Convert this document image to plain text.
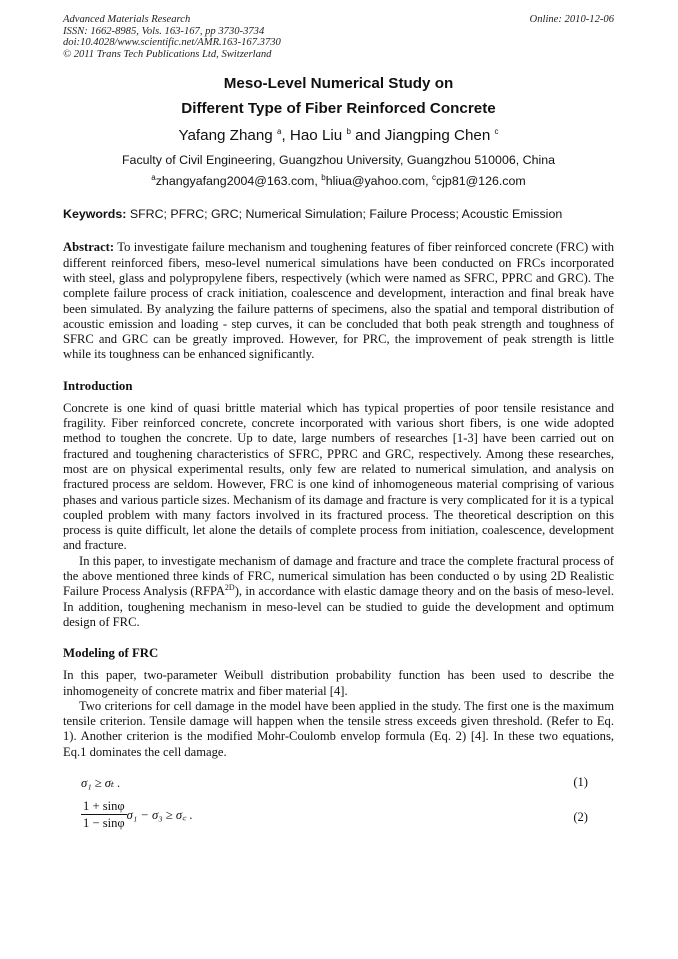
Advanced Materials Research
ISSN: 1662-8985, Vols. 163-167, pp 3730-3734
doi:10.4028/www.scientific.net/AMR.163-167.3730
© 2011 Trans Tech Publications Ltd, Switzerland
Online: 2010-12-06
Meso-Level Numerical Study on
Different Type of Fiber Reinforced Concrete
Yafang Zhang $^a$, Hao Liu $^b$ and Jiangping Chen $^c$
Faculty of Civil Engineering, Guangzhou University, Guangzhou 510006, China
$^a$zhangyafang2004@163.com, $^b$hliua@yahoo.com, $^c$cjp81@126.com
Keywords: SFRC; PFRC; GRC; Numerical Simulation; Failure Process; Acoustic Emission

Abstract: To investigate failure mechanism and toughening features of fiber reinforced concrete (FRC) with different reinforced fibers, meso-level numerical simulations have been conducted on FRCs incorporated with steel, glass and polypropylene fibers, respectively (which were named as SFRC, PPRC and GRC). The complete failure process of crack initiation, coalescence and development, interaction and final break have been simulated. By analyzing the failure patterns of specimens, also the spatial and temporal distribution of acoustic emission and loading - step curves, it can be concluded that both peak strength and toughness of SFRC and GRC can be greatly improved. However, for PRC, the improvement of peak strength is little while its toughness can be enhanced significantly.

Introduction

Concrete is one kind of quasi brittle material which has typical properties of poor tensile resistance and fragility. Fiber reinforced concrete, concrete incorporated with various short fibers, is one wide adopted method to toughen the concrete. Up to date, large numbers of researches [1-3] have been carried out on fractured and toughening characteristics of SFRC, PPRC and GRC, respectively. Among these researches, most are on physical experimental results, only few are related to numerical simulation, and analysis on fractured process are seldom. However, FRC is one kind of inhomogeneous material comprising of various phases and various particle sizes. Mechanism of its damage and fracture is very complicated for it is a typical coupled problem with many factors involved in its fractured process. The theoretical description on this process is quite difficult, let alone the details of complete process from initiation, coalescence, development and fracture.

In this paper, to investigate mechanism of damage and fracture and trace the complete fractural process of the above mentioned three kinds of FRC, numerical simulation has been conducted o by using 2D Realistic Failure Process Analysis $(RFPA^{2D})$, in accordance with elastic damage theory and on the basis of meso-level. In addition, toughening mechanism in meso-level can be studied to guide the development and optimum design of FRC.

Modeling of FRC

In this paper, two-parameter Weibull distribution probability function has been used to describe the inhomogeneity of concrete matrix and fiber material [4].

Two criterions for cell damage in the model have been applied in the study. The first one is the maximum tensile criterion. Tensile damage will happen when the tensile stress exceeds given threshold. (Refer to Eq. 1). Another criterion is the modified Mohr-Coulomb envelop formula (Eq. 2) [4]. In these two equations, Eq.1 dominates the cell damage.

σ₁ ≥ σₜ .	(1)
$\frac{1 + \sin\varphi}{1 - \sin\varphi} \sigma_1 - \sigma_3$ ≥ σ꜀ .	(2)
